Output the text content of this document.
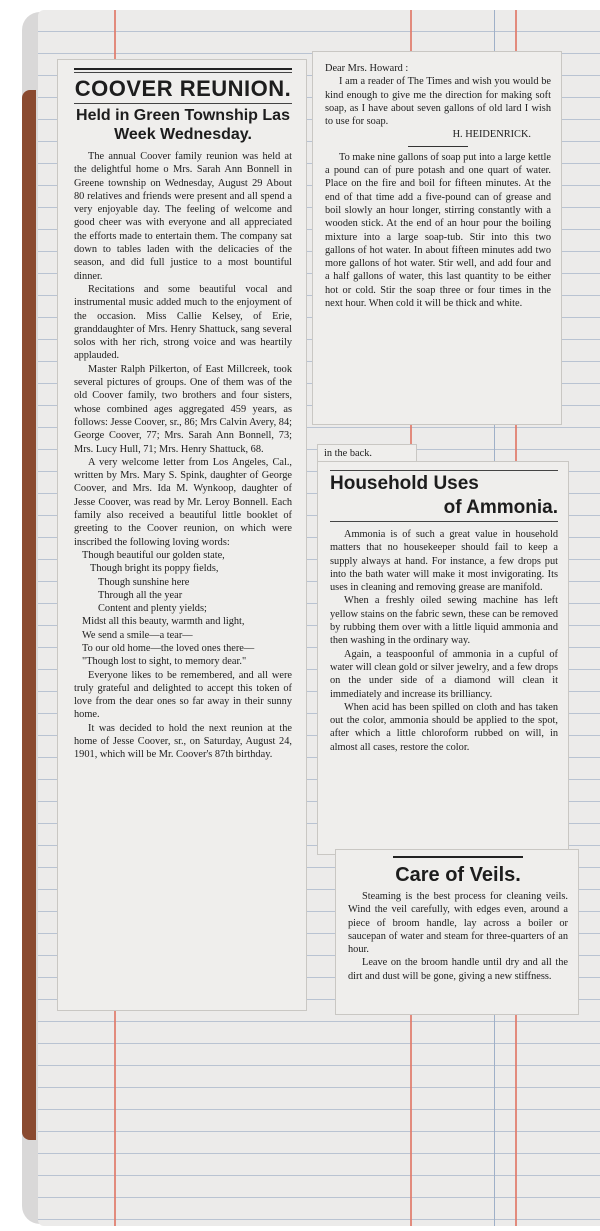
COOVER REUNION.
Held in Green Township Las Week Wednesday.

The annual Coover family reunion was held at the delightful home o Mrs. Sarah Ann Bonnell in Greene township on Wednesday, August 29 About 80 relatives and friends were present and all spend a very enjoyable day. The feeling of welcome and good cheer was with everyone and all appreciated the efforts made to entertain them. The company sat down to tables laden with the delicacies of the season, and did full justice to a most bountiful dinner.

Recitations and some beautiful vocal and instrumental music added much to the enjoyment of the occasion. Miss Callie Kelsey, of Erie, granddaughter of Mrs. Henry Shattuck, sang several solos with her rich, strong voice and was heartily applauded.

Master Ralph Pilkerton, of East Millcreek, took several pictures of groups. One of them was of the old Coover family, two brothers and four sisters, whose combined ages aggregated 459 years, as follows: Jesse Coover, sr., 86; Mrs Calvin Avery, 84; George Coover, 77; Mrs. Sarah Ann Bonnell, 73; Mrs. Lucy Hull, 71; Mrs. Henry Shattuck, 68.

A very welcome letter from Los Angeles, Cal., written by Mrs. Mary S. Spink, daughter of George Coover, and Mrs. Ida M. Wynkoop, daughter of Jesse Coover, was read by Mr. Leroy Bonnell. Each family also received a beautiful little booklet of greeting to the Coover reunion, on which were inscribed the following loving words:

Though beautiful our golden state,

Though bright its poppy fields,

Though sunshine here

Through all the year

Content and plenty yields;

Midst all this beauty, warmth and light,

We send a smile—a tear—

To our old home—the loved ones there—

"Though lost to sight, to memory dear."

Everyone likes to be remembered, and all were truly grateful and delighted to accept this token of love from the dear ones so far away in their sunny home.

It was decided to hold the next reunion at the home of Jesse Coover, sr., on Saturday, August 24, 1901, which will be Mr. Coover's 87th birthday.

Dear Mrs. Howard :

I am a reader of The Times and wish you would be kind enough to give me the direction for making soft soap, as I have about seven gallons of old lard I wish to use for soap.

H. HEIDENRICK.

To make nine gallons of soap put into a large kettle a pound can of pure potash and one quart of water. Place on the fire and boil for fifteen minutes. At the end of that time add a five-pound can of grease and boil slowly an hour longer, stirring constantly with a wooden stick. At the end of an hour pour the boiling mixture into a large soap-tub. Stir into this two gallons of hot water. In about fifteen minutes add two more gallons of hot water. Stir well, and add four and a half gallons of water, this last quantity to be either hot or cold. Stir the soap three or four times in the next hour. When cold it will be thick and white.

in the back.

Household Uses
of Ammonia.

Ammonia is of such a great value in household matters that no housekeeper should fail to keep a supply always at hand. For instance, a few drops put into the bath water will make it most invigorating. Its uses in cleaning and removing grease are manifold.

When a freshly oiled sewing machine has left yellow stains on the fabric sewn, these can be removed by rubbing them over with a little liquid ammonia and then washing in the ordinary way.

Again, a teaspoonful of ammonia in a cupful of water will clean gold or silver jewelry, and a few drops on the under side of a diamond will clean it immediately and increase its brilliancy.

When acid has been spilled on cloth and has taken out the color, ammonia should be applied to the spot, after which a little chloroform rubbed on will, in almost all cases, restore the color.

Care of Veils.

Steaming is the best process for cleaning veils. Wind the veil carefully, with edges even, around a piece of broom handle, lay across a boiler or saucepan of water and steam for three-quarters of an hour.

Leave on the broom handle until dry and all the dirt and dust will be gone, giving a new stiffness.
